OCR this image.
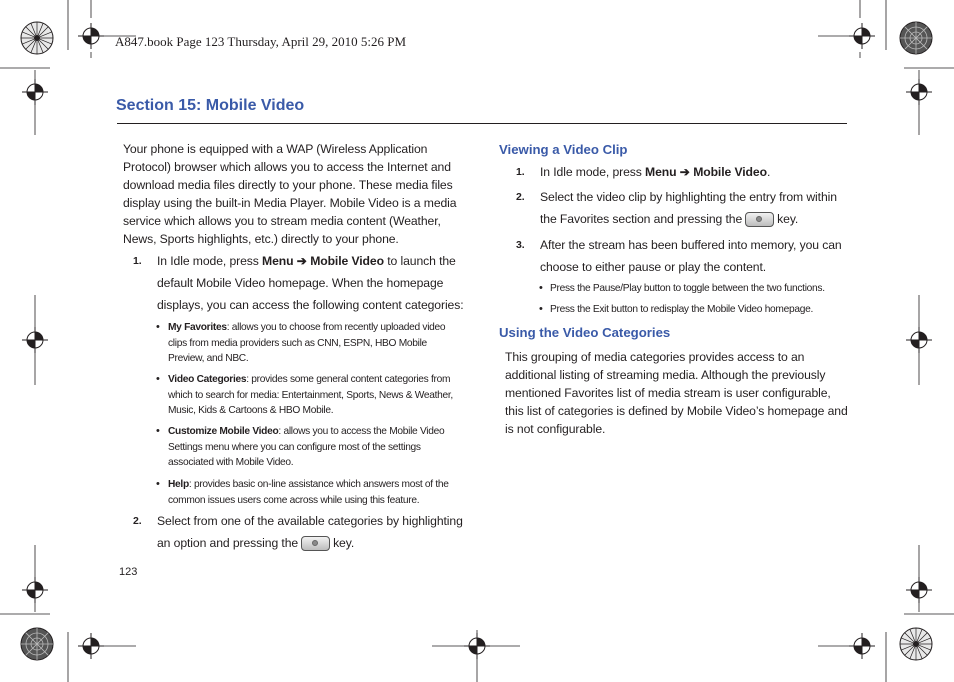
A847.book Page 123 Thursday, April 29, 2010 5:26 PM
Section 15: Mobile Video
Your phone is equipped with a WAP (Wireless Application
Protocol) browser which allows you to access the Internet and
download media files directly to your phone. These media files
display using the built-in Media Player. Mobile Video is a media
service which allows you to stream media content (Weather,
News, Sports highlights, etc.) directly to your phone.
1. In Idle mode, press Menu ➔ Mobile Video to launch the
default Mobile Video homepage. When the homepage
displays, you can access the following content categories:
• My Favorites: allows you to choose from recently uploaded video
clips from media providers such as CNN, ESPN, HBO Mobile
Preview, and NBC.
• Video Categories: provides some general content categories from
which to search for media: Entertainment, Sports, News & Weather,
Music, Kids & Cartoons & HBO Mobile.
• Customize Mobile Video: allows you to access the Mobile Video
Settings menu where you can configure most of the settings
associated with Mobile Video.
• Help: provides basic on-line assistance which answers most of the
common issues users come across while using this feature.
2. Select from one of the available categories by highlighting
an option and pressing the	key.
123
Viewing a Video Clip
1. In Idle mode, press Menu ➔ Mobile Video.
2. Select the video clip by highlighting the entry from within
the Favorites section and pressing the	key.
3. After the stream has been buffered into memory, you can
choose to either pause or play the content.
• Press the Pause/Play button to toggle between the two functions.
• Press the Exit button to redisplay the Mobile Video homepage.
Using the Video Categories
This grouping of media categories provides access to an
additional listing of streaming media. Although the previously
mentioned Favorites list of media stream is user configurable,
this list of categories is defined by Mobile Video’s homepage and
is not configurable.
